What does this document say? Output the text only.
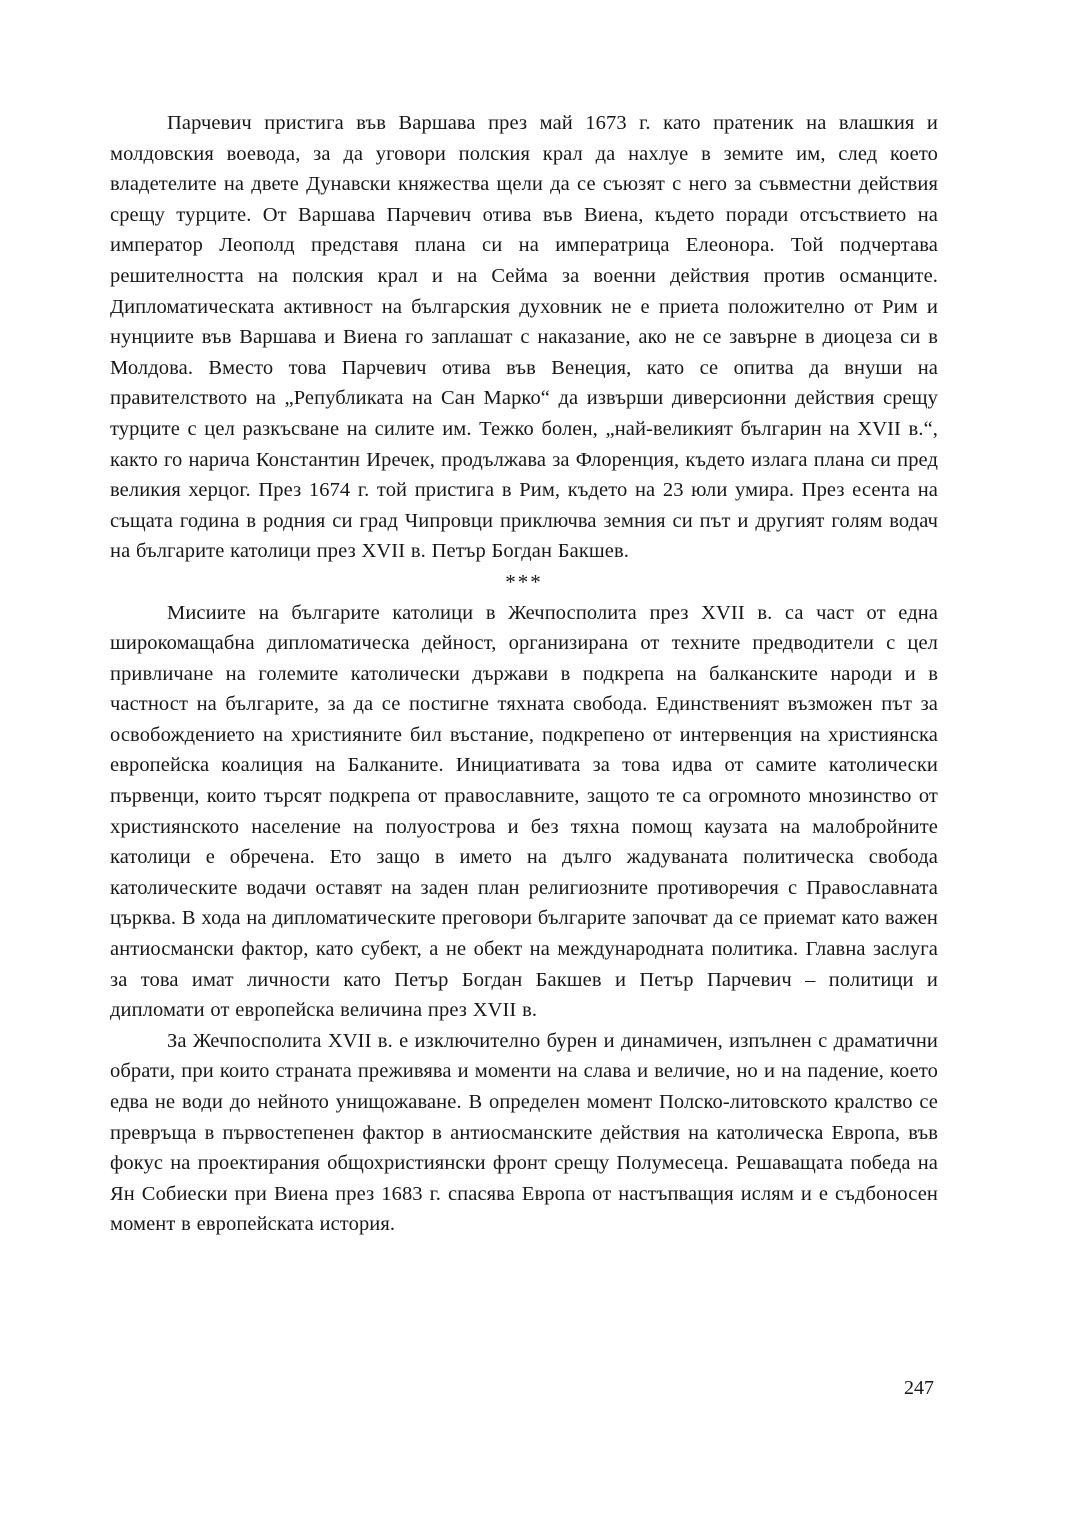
Парчевич пристига във Варшава през май 1673 г. като пратеник на влашкия и молдовския воевода, за да уговори полския крал да нахлуе в земите им, след което владетелите на двете Дунавски княжества щели да се съюзят с него за съвместни действия срещу турците. От Варшава Парчевич отива във Виена, където поради отсъствието на император Леополд представя плана си на императрица Елеонора. Той подчертава решителността на полския крал и на Сейма за военни действия против османците. Дипломатическата активност на българския духовник не е приета положително от Рим и нунциите във Варшава и Виена го заплашат с наказание, ако не се завърне в диоцеза си в Молдова. Вместо това Парчевич отива във Венеция, като се опитва да внуши на правителството на „Републиката на Сан Марко“ да извърши диверсионни действия срещу турците с цел разкъсване на силите им. Тежко болен, „най-великият българин на XVII в.“, както го нарича Константин Иречек, продължава за Флоренция, където излага плана си пред великия херцог. През 1674 г. той пристига в Рим, където на 23 юли умира. През есента на същата година в родния си град Чипровци приключва земния си път и другият голям водач на българите католици през XVII в. Петър Богдан Бакшев.

***

Мисиите на българите католици в Жечпосполита през XVII в. са част от една широкомащабна дипломатическа дейност, организирана от техните предводители с цел привличане на големите католически държави в подкрепа на балканските народи и в частност на българите, за да се постигне тяхната свобода. Единственият възможен път за освобождението на християните бил въстание, подкрепено от интервенция на християнска европейска коалиция на Балканите. Инициативата за това идва от самите католически първенци, които търсят подкрепа от православните, защото те са огромното мнозинство от християнското население на полуострова и без тяхна помощ каузата на малобройните католици е обречена. Ето защо в името на дълго жадуваната политическа свобода католическите водачи оставят на заден план религиозните противоречия с Православната църква. В хода на дипломатическите преговори българите започват да се приемат като важен антиосмански фактор, като субект, а не обект на международната политика. Главна заслуга за това имат личности като Петър Богдан Бакшев и Петър Парчевич – политици и дипломати от европейска величина през XVII в.

За Жечпосполита XVII в. е изключително бурен и динамичен, изпълнен с драматични обрати, при които страната преживява и моменти на слава и величие, но и на падение, което едва не води до нейното унищожаване. В определен момент Полско-литовското кралство се превръща в първостепенен фактор в антиосманските действия на католическа Европа, във фокус на проектирания общохристиянски фронт срещу Полумесеца. Решаващата победа на Ян Собиески при Виена през 1683 г. спасява Европа от настъпващия ислям и е съдбоносен момент в европейската история.

247
